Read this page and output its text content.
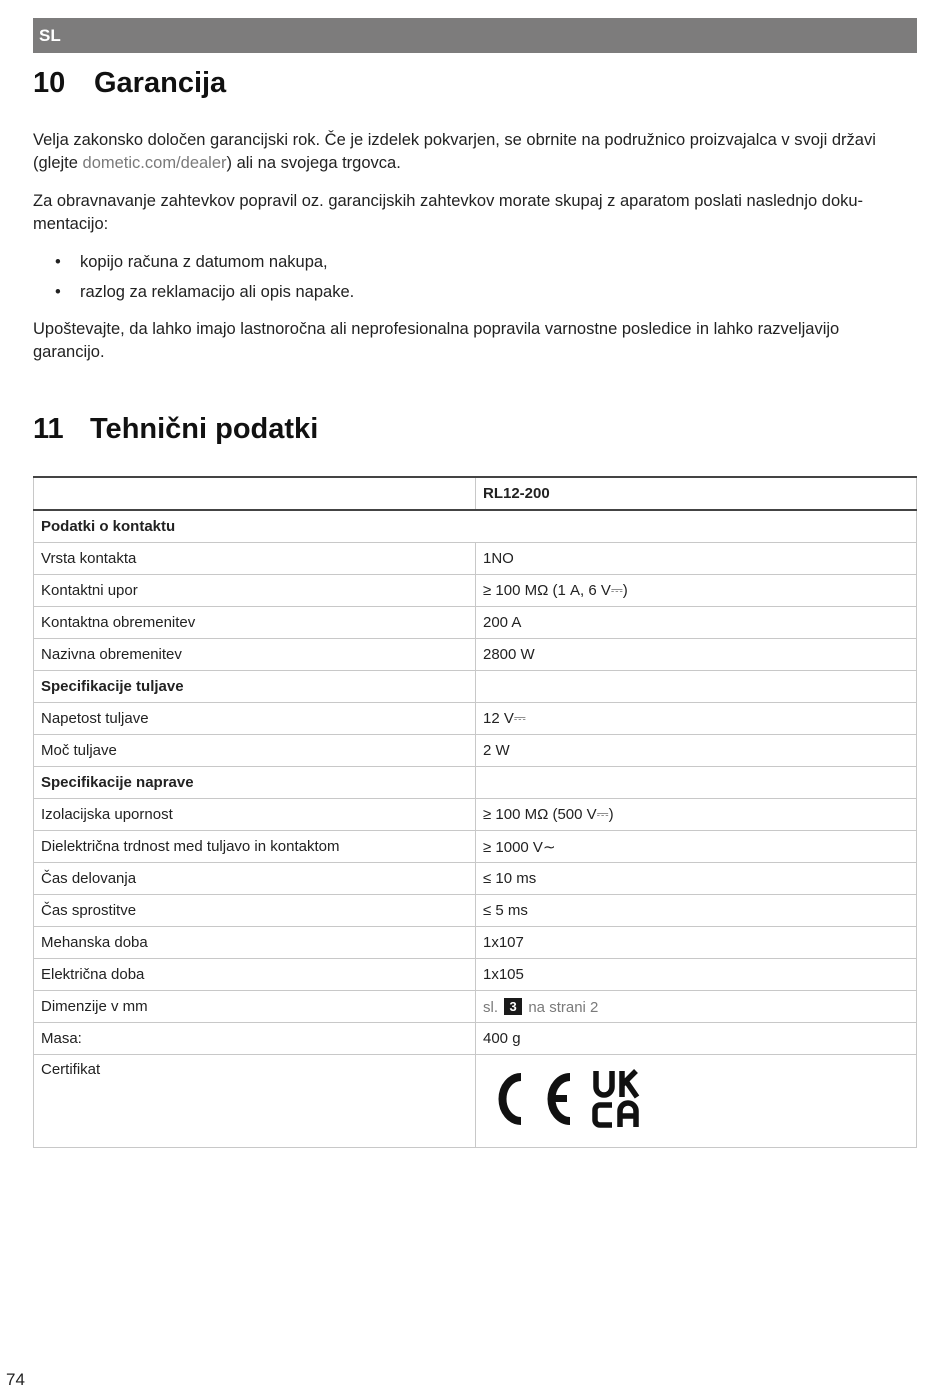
SL
10 Garancija

Velja zakonsko določen garancijski rok. Če je izdelek pokvarjen, se obrnite na podružnico proizvajalca v svoji državi (glejte dometic.com/dealer) ali na svojega trgovca.

Za obravnavanje zahtevkov popravil oz. garancijskih zahtevkov morate skupaj z aparatom poslati naslednjo doku-mentacijo:

• kopijo računa z datumom nakupa,
• razlog za reklamacijo ali opis napake.

Upoštevajte, da lahko imajo lastnoročna ali neprofesionalna popravila varnostne posledice in lahko razveljavijo garancijo.

11 Tehnični podatki
	RL12-200
Podatki o kontaktu	
Vrsta kontakta	1NO
Kontaktni upor	≥ 100 MΩ (1 A, 6 V⎓)
Kontaktna obremenitev	200 A
Nazivna obremenitev	2800 W
Specifikacije tuljave	
Napetost tuljave	12 V⎓
Moč tuljave	2 W
Specifikacije naprave	
Izolacijska upornost	≥ 100 MΩ (500 V⎓)
Dielektrična trdnost med tuljavo in kontaktom	≥ 1000 V∼
Čas delovanja	≤ 10 ms
Čas sprostitve	≤ 5 ms
Mehanska doba	1x107
Električna doba	1x105
Dimenzije v mm	sl. 3 na strani 2
Masa:	400 g
Certifikat	
74
